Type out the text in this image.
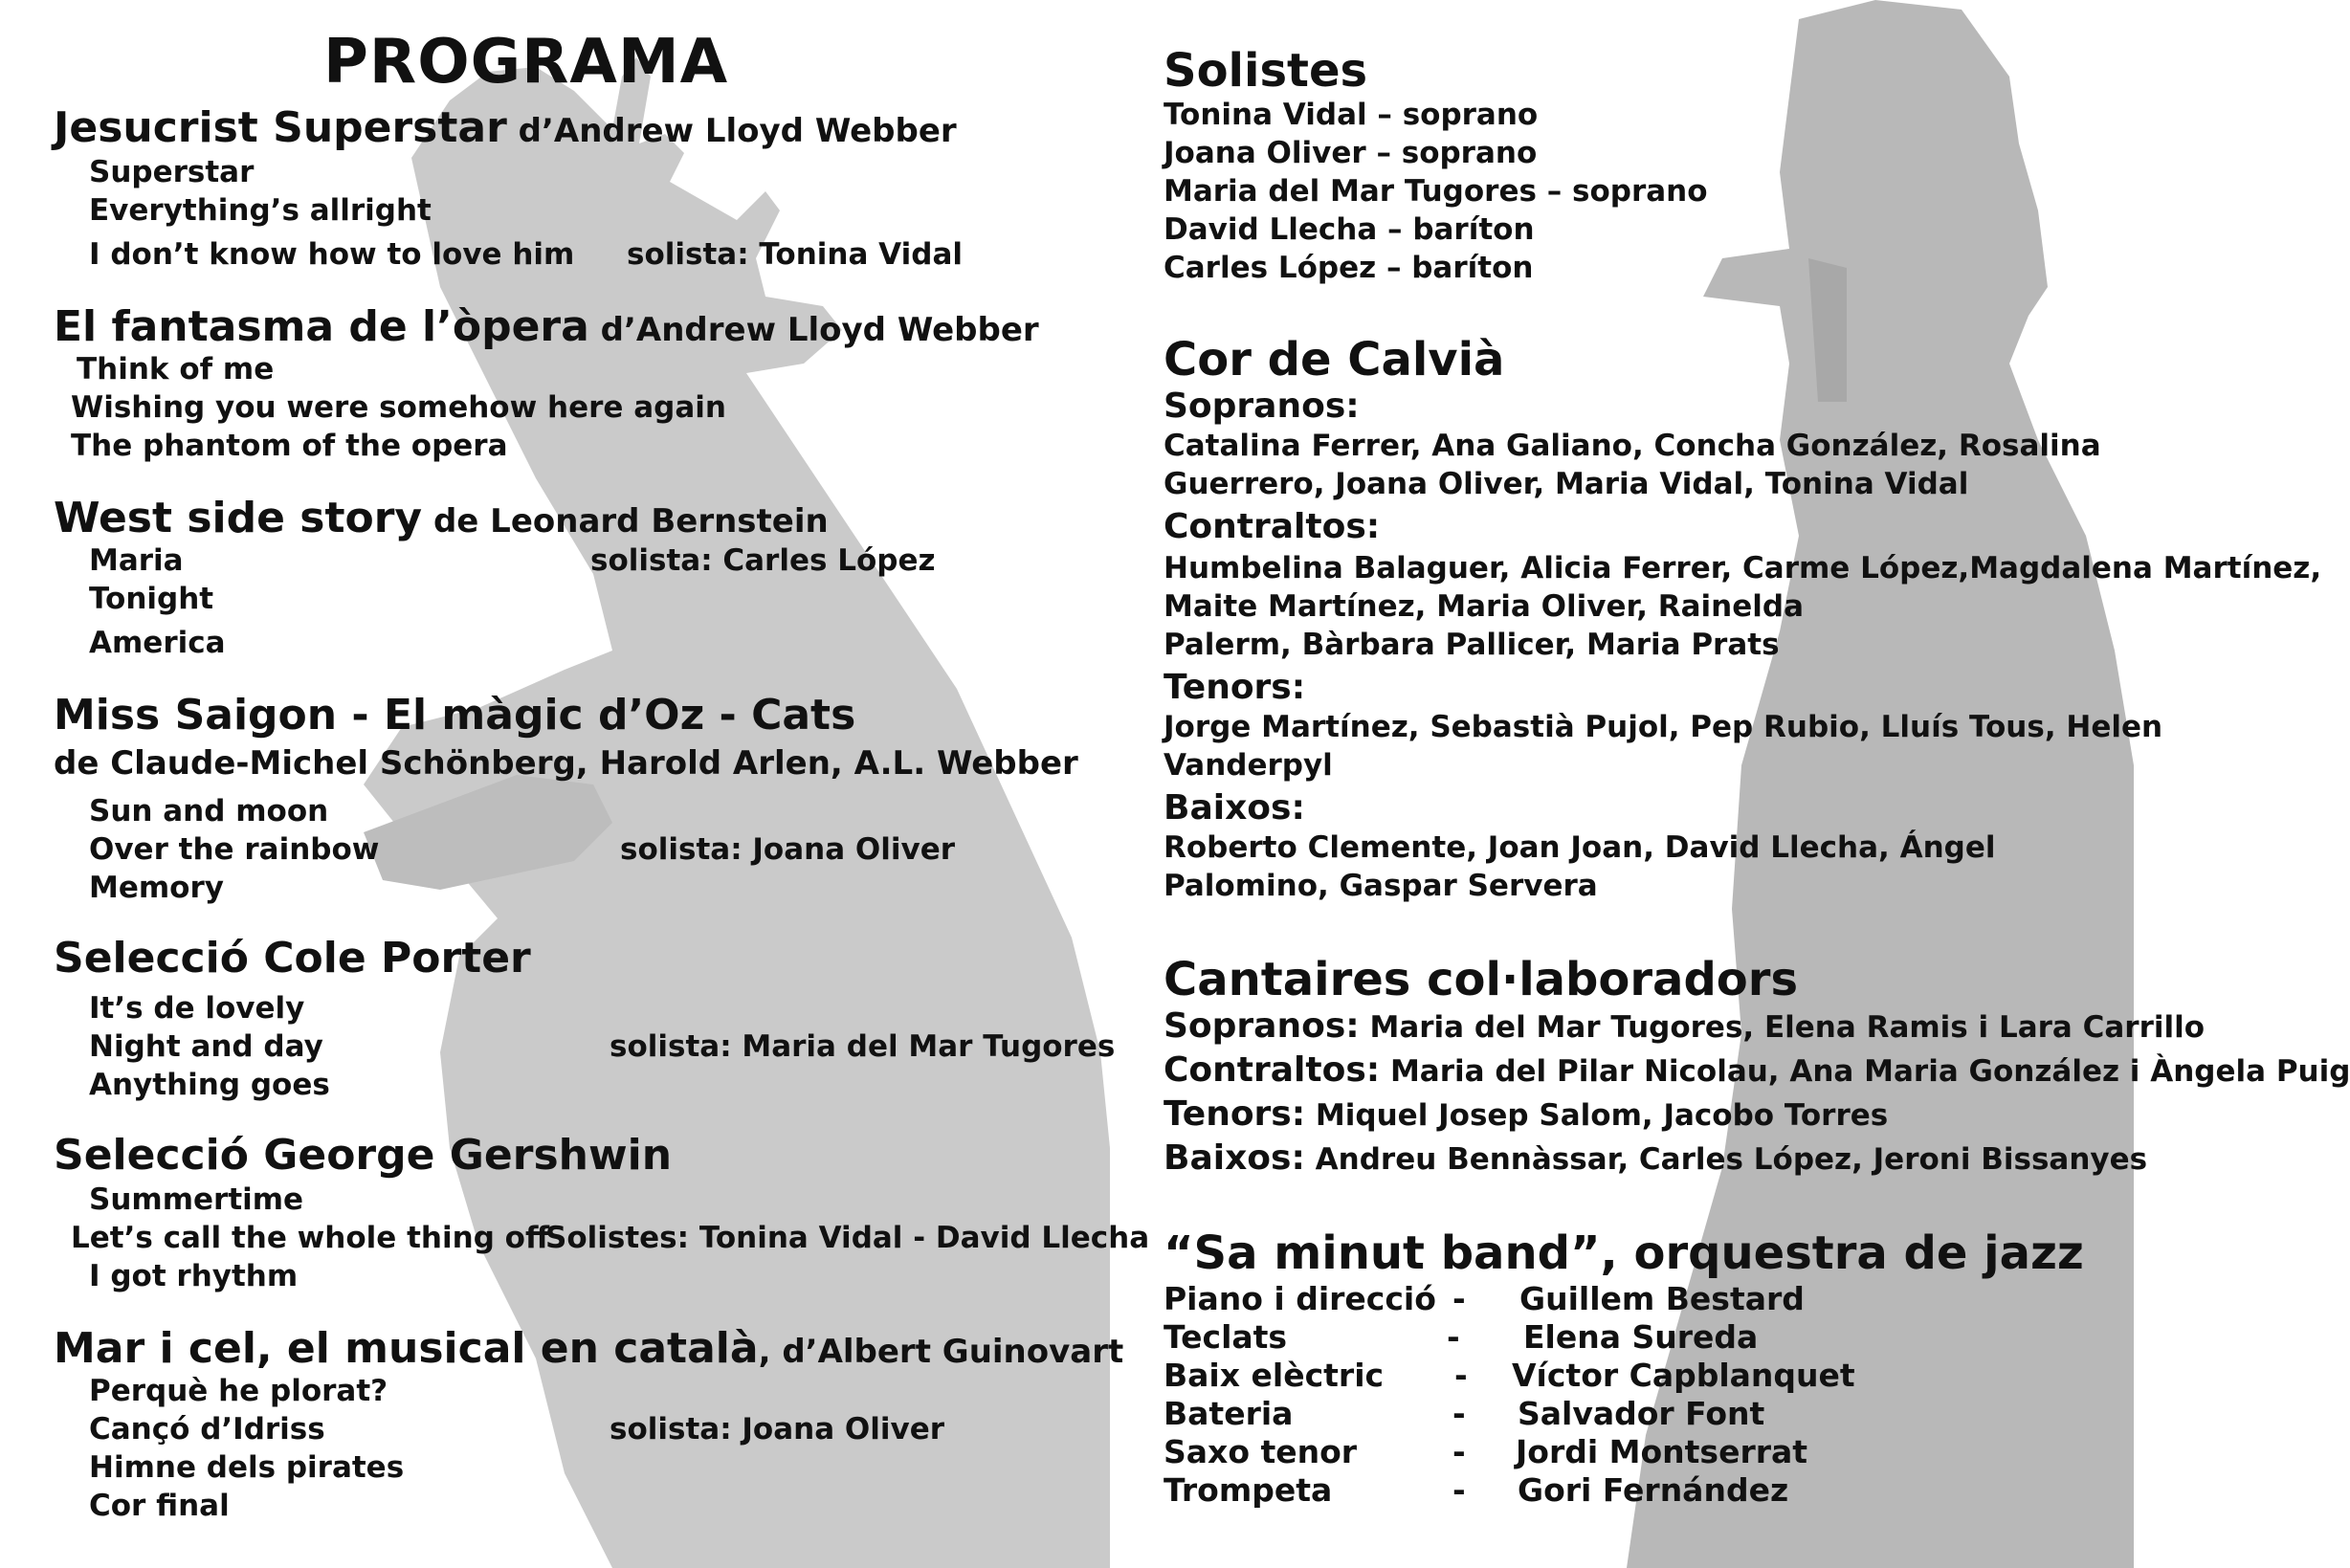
PROGRAMA
Jesucrist Superstar d’Andrew Lloyd Webber
Superstar
Everything’s allright
I don’t know how to love him solista: Tonina Vidal
El fantasma de l’òpera d’Andrew Lloyd Webber
Think of me
Wishing you were somehow here again
The phantom of the opera
West side story de Leonard Bernstein
Maria	solista: Carles López
Tonight
America
Miss Saigon - El màgic d’Oz - Cats
de Claude-Michel Schönberg, Harold Arlen, A.L. Webber
Sun and moon
Over the rainbow	solista: Joana Oliver
Memory
Selecció Cole Porter
It’s de lovely
Night and day	solista: Maria del Mar Tugores
Anything goes
Selecció George Gershwin
Summertime
Let’s call the whole thing off
Solistes: Tonina Vidal - David Llecha
I got rhythm
Mar i cel, el musical en català, d’Albert Guinovart
Perquè he plorat?
Cançó d’Idriss	solista: Joana Oliver
Himne dels pirates
Cor final
Solistes
Tonina Vidal – soprano
Joana Oliver – soprano
Maria del Mar Tugores – soprano
David Llecha – baríton
Carles López – baríton
Cor de Calvià
Sopranos:
Catalina Ferrer, Ana Galiano, Concha González, Rosalina
Guerrero, Joana Oliver, Maria Vidal, Tonina Vidal
Contraltos:
Humbelina Balaguer, Alicia Ferrer, Carme López,Magdalena Martínez,
Maite Martínez, Maria Oliver, Rainelda
Palerm, Bàrbara Pallicer, Maria Prats
Tenors:
Jorge Martínez, Sebastià Pujol, Pep Rubio, Lluís Tous, Helen
Vanderpyl
Baixos:
Roberto Clemente, Joan Joan, David Llecha, Ángel
Palomino, Gaspar Servera
Cantaires col·laboradors
Sopranos: Maria del Mar Tugores, Elena Ramis i Lara Carrillo
Contraltos: Maria del Pilar Nicolau, Ana Maria González i Àngela Puig
Tenors: Miquel Josep Salom, Jacobo Torres
Baixos: Andreu Bennàssar, Carles López, Jeroni Bissanyes
“Sa minut band”, orquestra de jazz
Piano i direcció - Guillem Bestard
Teclats	- Elena Sureda
Baix elèctric - Víctor Capblanquet
Bateria	- Salvador Font
Saxo tenor	- Jordi Montserrat
Trompeta	- Gori Fernández
